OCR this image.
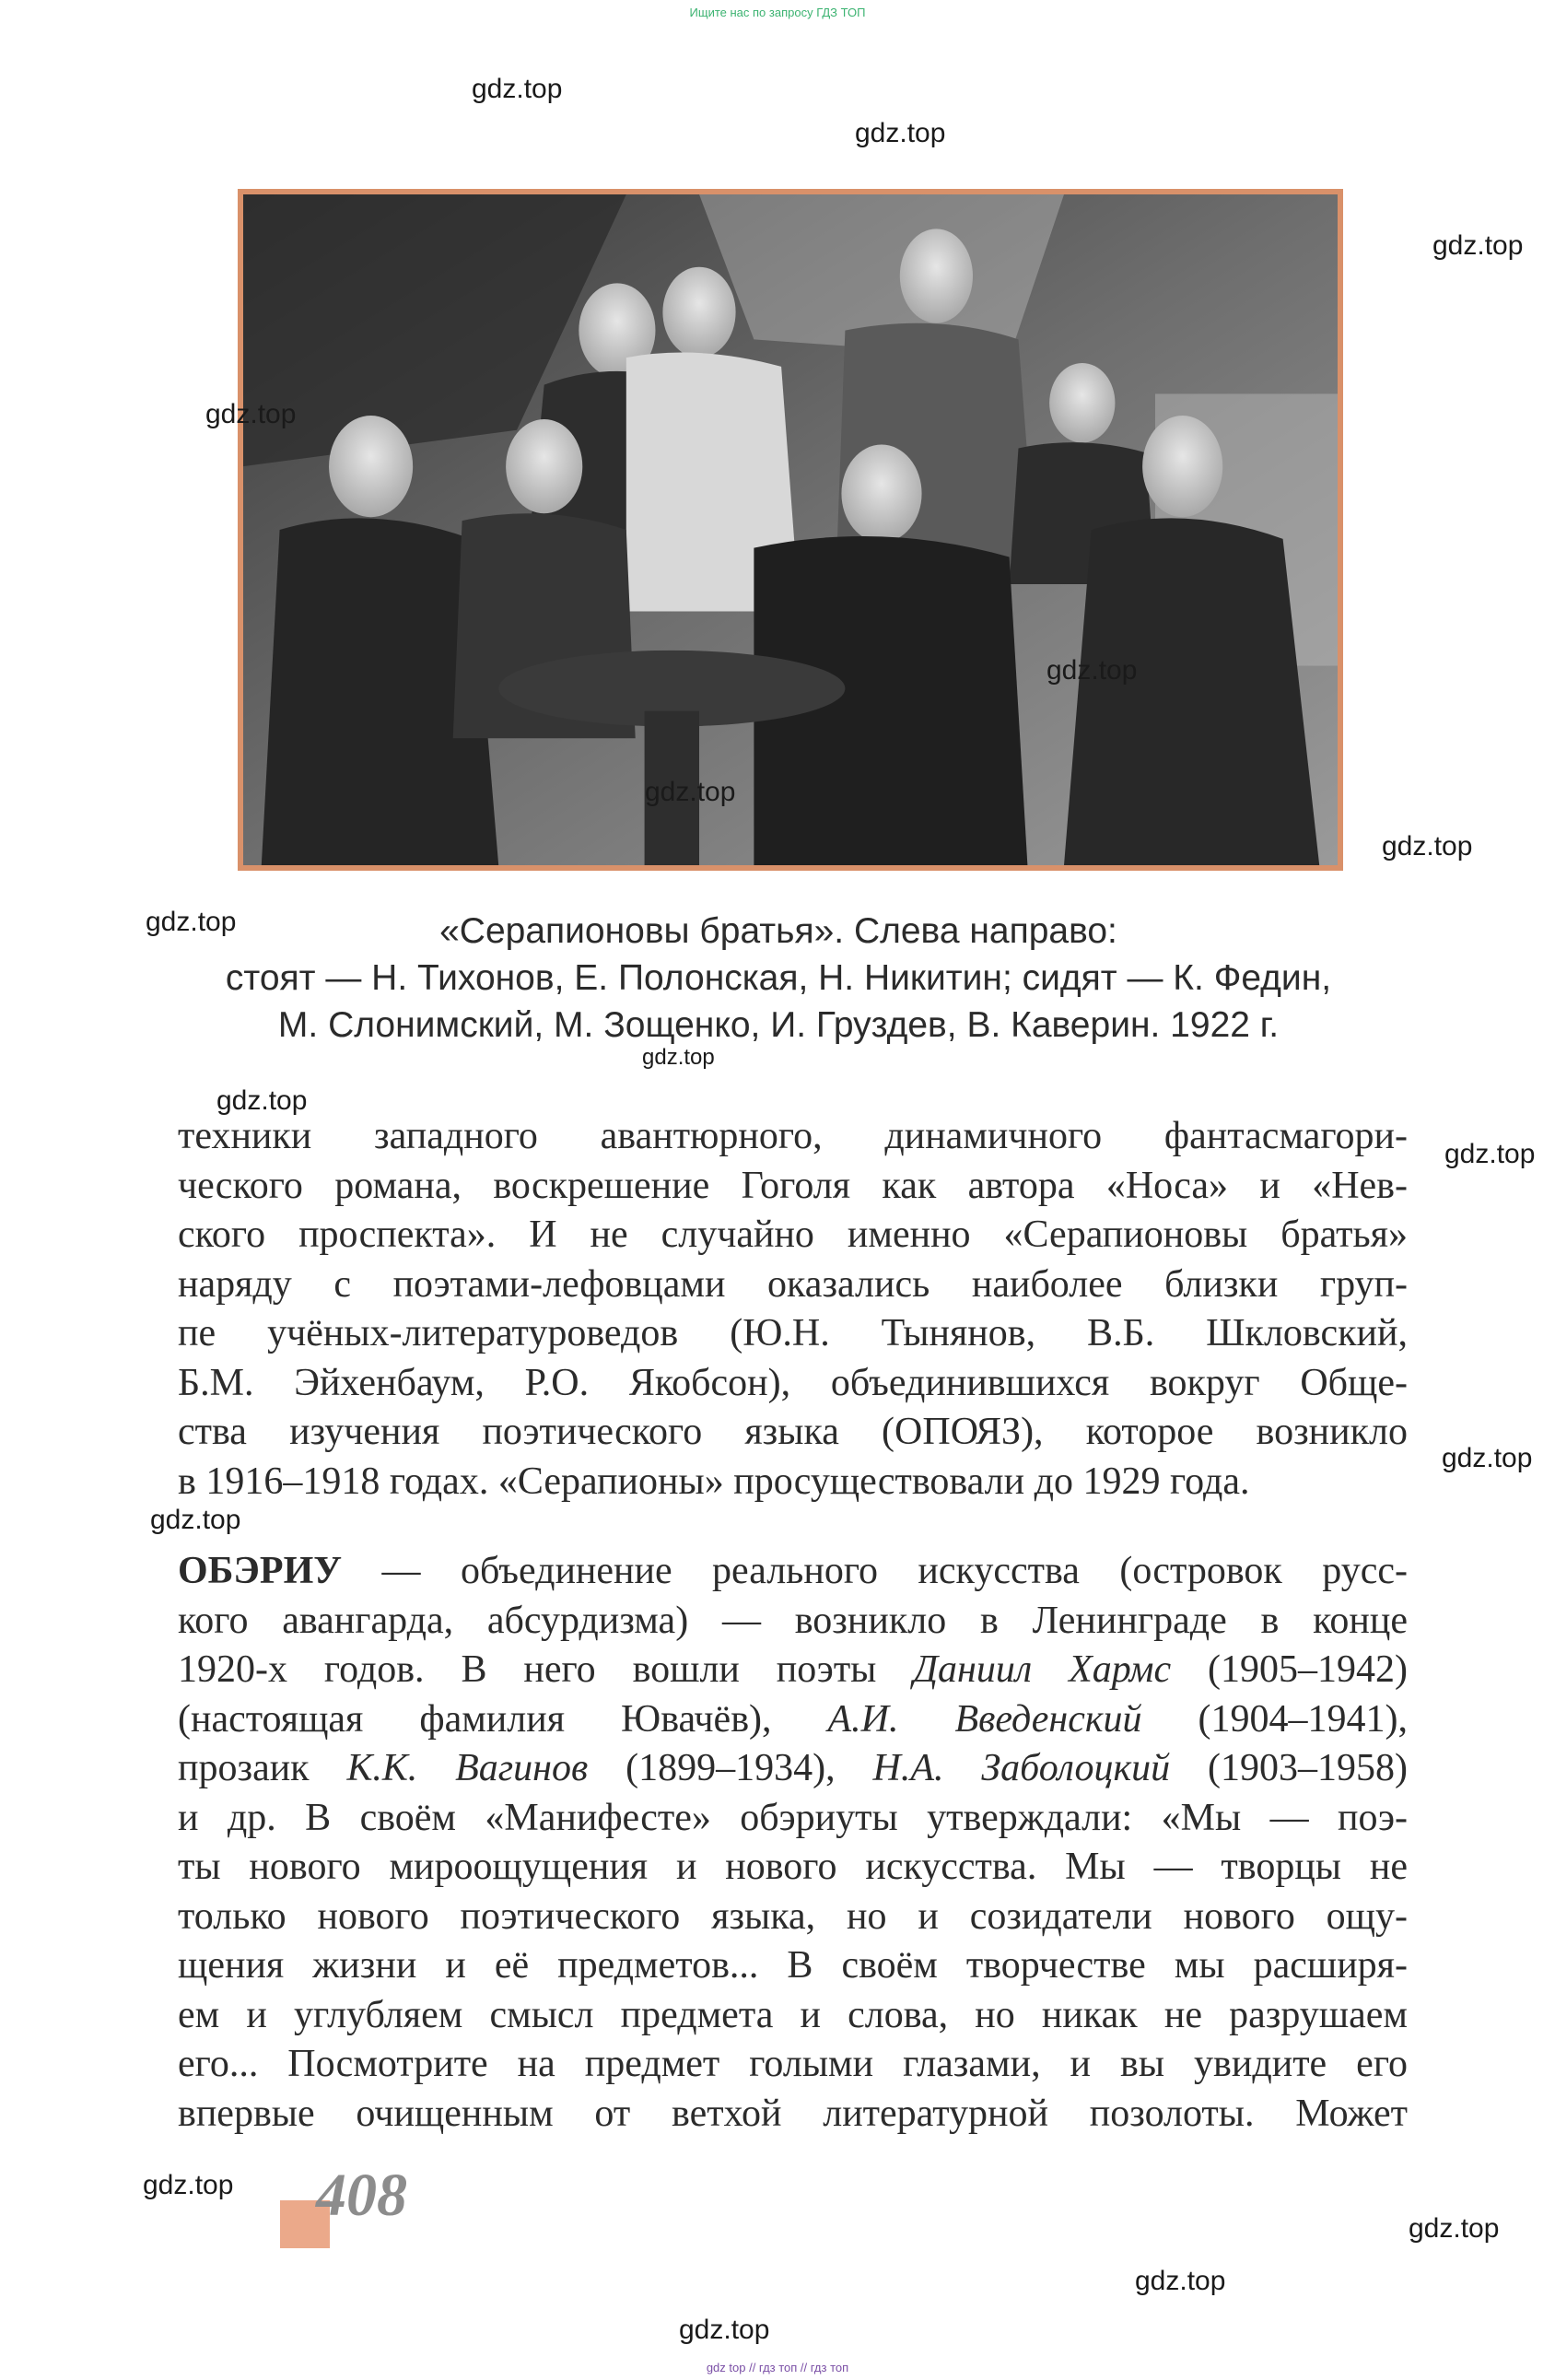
Ищите нас по запросу ГДЗ ТОП
gdz top // гдз топ // гдз топ
«Серапионовы братья». Слева направо:
стоят — Н. Тихонов, Е. Полонская, Н. Никитин; сидят — К. Федин,
М. Слонимский, М. Зощенко, И. Груздев, В. Каверин. 1922 г.
техники западного авантюрного, динамичного фантасмагори-
ческого романа, воскрешение Гоголя как автора «Носа» и «Нев-
ского проспекта». И не случайно именно «Серапионовы братья»
наряду с поэтами-лефовцами оказались наиболее близки груп-
пе учёных-литературоведов (Ю.Н. Тынянов, В.Б. Шкловский,
Б.М. Эйхенбаум, Р.О. Якобсон), объединившихся вокруг Обще-
ства изучения поэтического языка (ОПОЯЗ), которое возникло
в 1916–1918 годах. «Серапионы» просуществовали до 1929 года.
ОБЭРИУ — объединение реального искусства (островок русс-
кого авангарда, абсурдизма) — возникло в Ленинграде в конце
1920-х годов. В него вошли поэты Даниил Хармс (1905–1942)
(настоящая фамилия Ювачёв), А.И. Введенский (1904–1941),
прозаик К.К. Вагинов (1899–1934), Н.А. Заболоцкий (1903–1958)
и др. В своём «Манифесте» обэриуты утверждали: «Мы — поэ-
ты нового мироощущения и нового искусства. Мы — творцы не
только нового поэтического языка, но и созидатели нового ощу-
щения жизни и её предметов... В своём творчестве мы расширя-
ем и углубляем смысл предмета и слова, но никак не разрушаем
его... Посмотрите на предмет голыми глазами, и вы увидите его
впервые очищенным от ветхой литературной позолоты. Может
408
gdz.top
gdz.top
gdz.top
gdz.top
gdz.top
gdz.top
gdz.top
gdz.top
gdz.top
gdz.top
gdz.top
gdz.top
gdz.top
gdz.top
gdz.top
gdz.top
gdz.top
